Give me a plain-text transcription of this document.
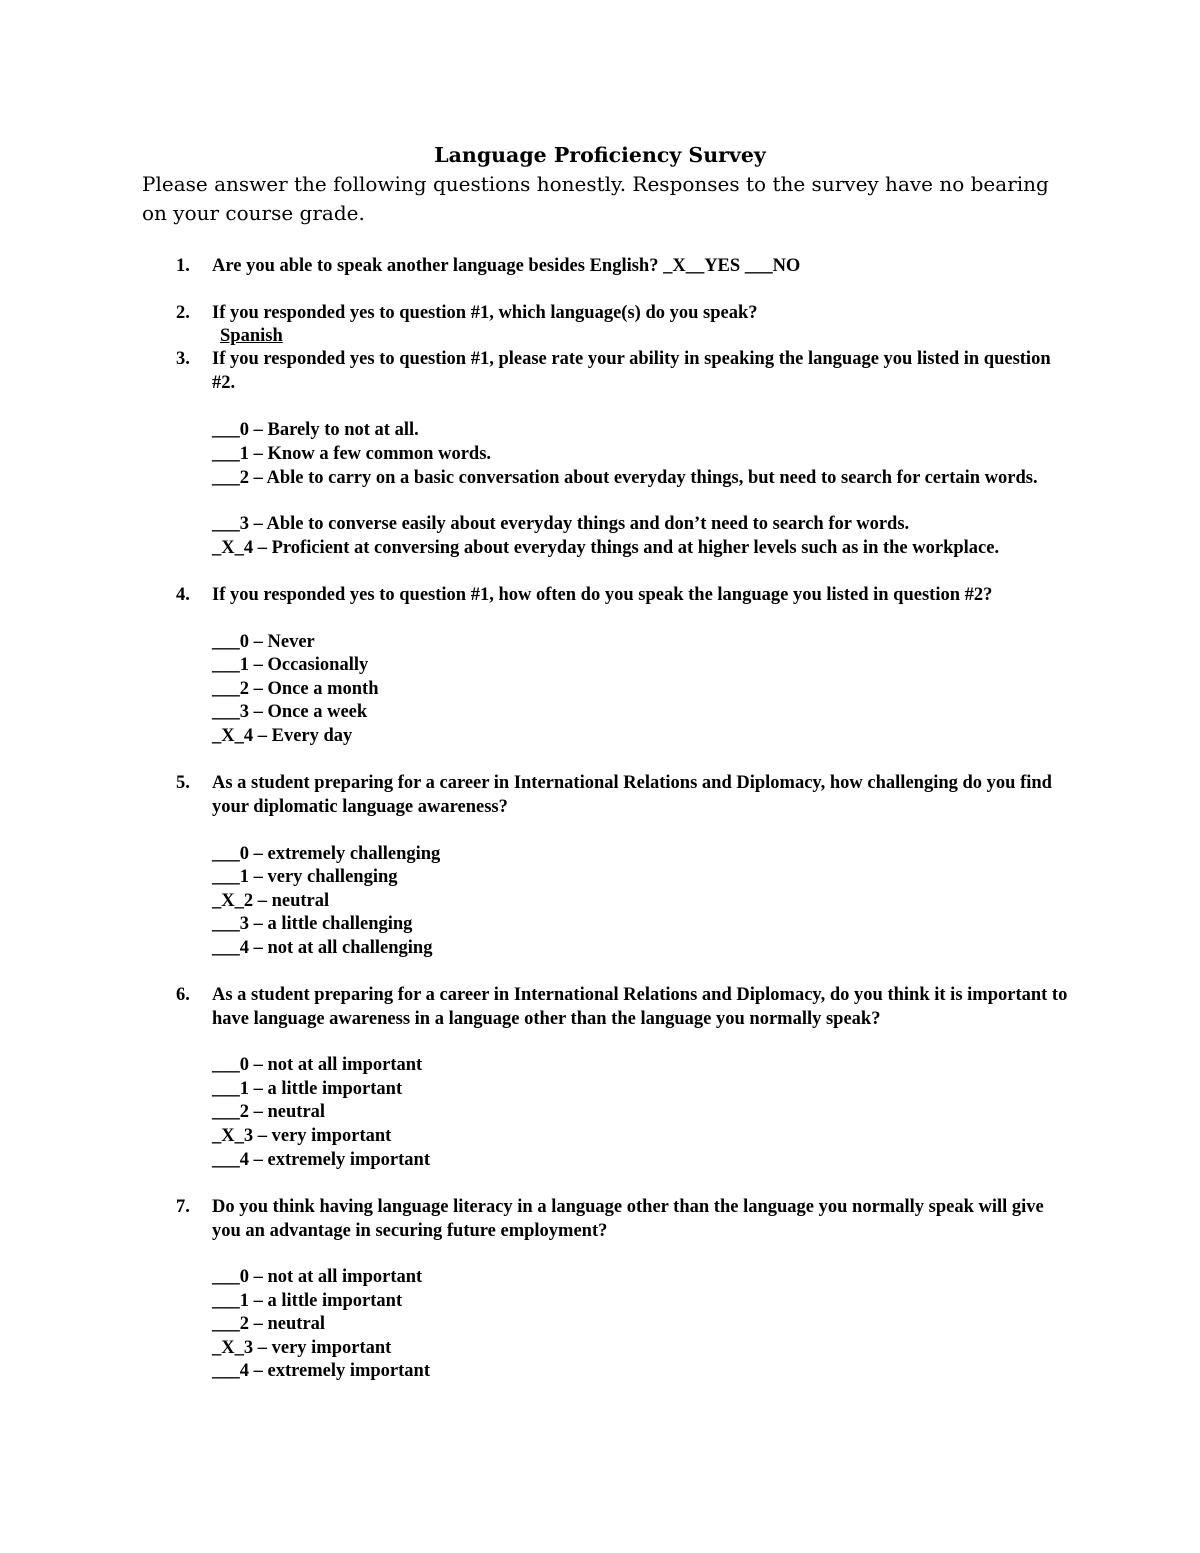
Language Proficiency Survey
Please answer the following questions honestly. Responses to the survey have no bearing on your course grade.
1. Are you able to speak another language besides English? _X__YES ___NO
2. If you responded yes to question #1, which language(s) do you speak?
Spanish
3. If you responded yes to question #1, please rate your ability in speaking the language you listed in question #2.
___0 – Barely to not at all.
___1 – Know a few common words.
___2 – Able to carry on a basic conversation about everyday things, but need to search for certain words.
___3 – Able to converse easily about everyday things and don’t need to search for words.
_X_4 – Proficient at conversing about everyday things and at higher levels such as in the workplace.
4. If you responded yes to question #1, how often do you speak the language you listed in question #2?
___0 – Never
___1 – Occasionally
___2 – Once a month
___3 – Once a week
_X_4 – Every day
5. As a student preparing for a career in International Relations and Diplomacy, how challenging do you find your diplomatic language awareness?
___0 – extremely challenging
___1 – very challenging
_X_2 – neutral
___3 – a little challenging
___4 – not at all challenging
6. As a student preparing for a career in International Relations and Diplomacy, do you think it is important to have language awareness in a language other than the language you normally speak?
___0 – not at all important
___1 – a little important
___2 – neutral
_X_3 – very important
___4 – extremely important
7. Do you think having language literacy in a language other than the language you normally speak will give you an advantage in securing future employment?
___0 – not at all important
___1 – a little important
___2 – neutral
_X_3 – very important
___4 – extremely important
